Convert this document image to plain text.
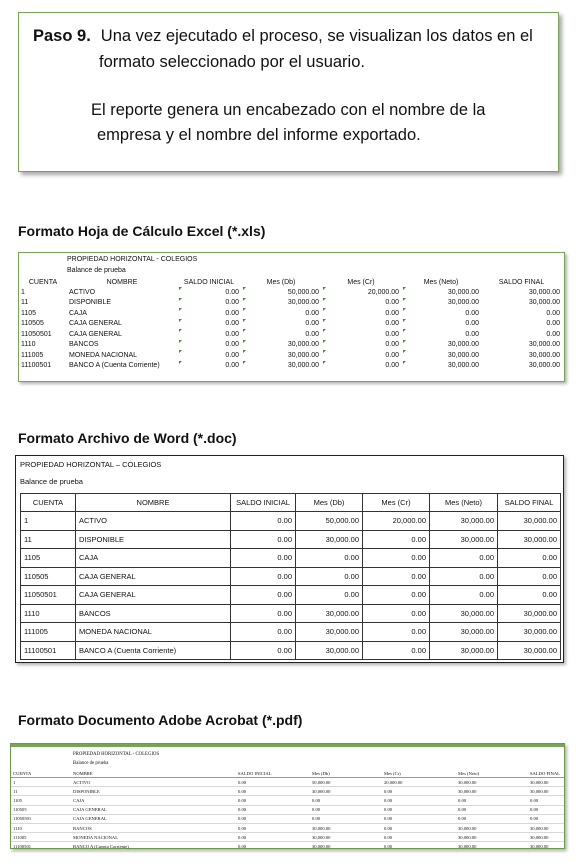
Paso 9. Una vez ejecutado el proceso, se visualizan los datos en el
formato seleccionado por el usuario.
El reporte genera un encabezado con el nombre de la
empresa y el nombre del informe exportado.
Formato Hoja de Cálculo Excel (*.xls)
PROPIEDAD HORIZONTAL - COLEGIOS
Balance de prueba
CUENTA	NOMBRE	SALDO INICIAL	Mes (Db)	Mes (Cr)	Mes (Neto)	SALDO FINAL
1	ACTIVO	0.00	50,000.00	20,000.00	30,000.00	30,000.00
11	DISPONIBLE	0.00	30,000.00	0.00	30,000.00	30,000.00
1105	CAJA	0.00	0.00	0.00	0.00	0.00
110505	CAJA GENERAL	0.00	0.00	0.00	0.00	0.00
11050501	CAJA GENERAL	0.00	0.00	0.00	0.00	0.00
1110	BANCOS	0.00	30,000.00	0.00	30,000.00	30,000.00
111005	MONEDA NACIONAL	0.00	30,000.00	0.00	30,000.00	30,000.00
11100501	BANCO A (Cuenta Corriente)	0.00	30,000.00	0.00	30,000.00	30,000.00
Formato Archivo de Word (*.doc)
PROPIEDAD HORIZONTAL – COLEGIOS
Balance de prueba
CUENTA	NOMBRE	SALDO INICIAL	Mes (Db)	Mes (Cr)	Mes (Neto)	SALDO FINAL
1	ACTIVO	0.00	50,000.00	20,000.00	30,000.00	30,000.00
11	DISPONIBLE	0.00	30,000.00	0.00	30,000.00	30,000.00
1105	CAJA	0.00	0.00	0.00	0.00	0.00
110505	CAJA GENERAL	0.00	0.00	0.00	0.00	0.00
11050501	CAJA GENERAL	0.00	0.00	0.00	0.00	0.00
1110	BANCOS	0.00	30,000.00	0.00	30,000.00	30,000.00
111005	MONEDA NACIONAL	0.00	30,000.00	0.00	30,000.00	30,000.00
11100501	BANCO A (Cuenta Corriente)	0.00	30,000.00	0.00	30,000.00	30,000.00
Formato Documento Adobe Acrobat (*.pdf)
PROPIEDAD HORIZONTAL - COLEGIOS
Balance de prueba
CUENTA	NOMBRE	SALDO INICIAL	Mes (Db)	Mes (Cr)	Mes (Neto)	SALDO FINAL
1	ACTIVO	0.00	50,000.00	20,000.00	30,000.00	30,000.00
11	DISPONIBLE	0.00	30,000.00	0.00	30,000.00	30,000.00
1105	CAJA	0.00	0.00	0.00	0.00	0.00
110505	CAJA GENERAL	0.00	0.00	0.00	0.00	0.00
11050501	CAJA GENERAL	0.00	0.00	0.00	0.00	0.00
1110	BANCOS	0.00	30,000.00	0.00	30,000.00	30,000.00
111005	MONEDA NACIONAL	0.00	30,000.00	0.00	30,000.00	30,000.00
11100501	BANCO A (Cuenta Corriente)	0.00	30,000.00	0.00	30,000.00	30,000.00
